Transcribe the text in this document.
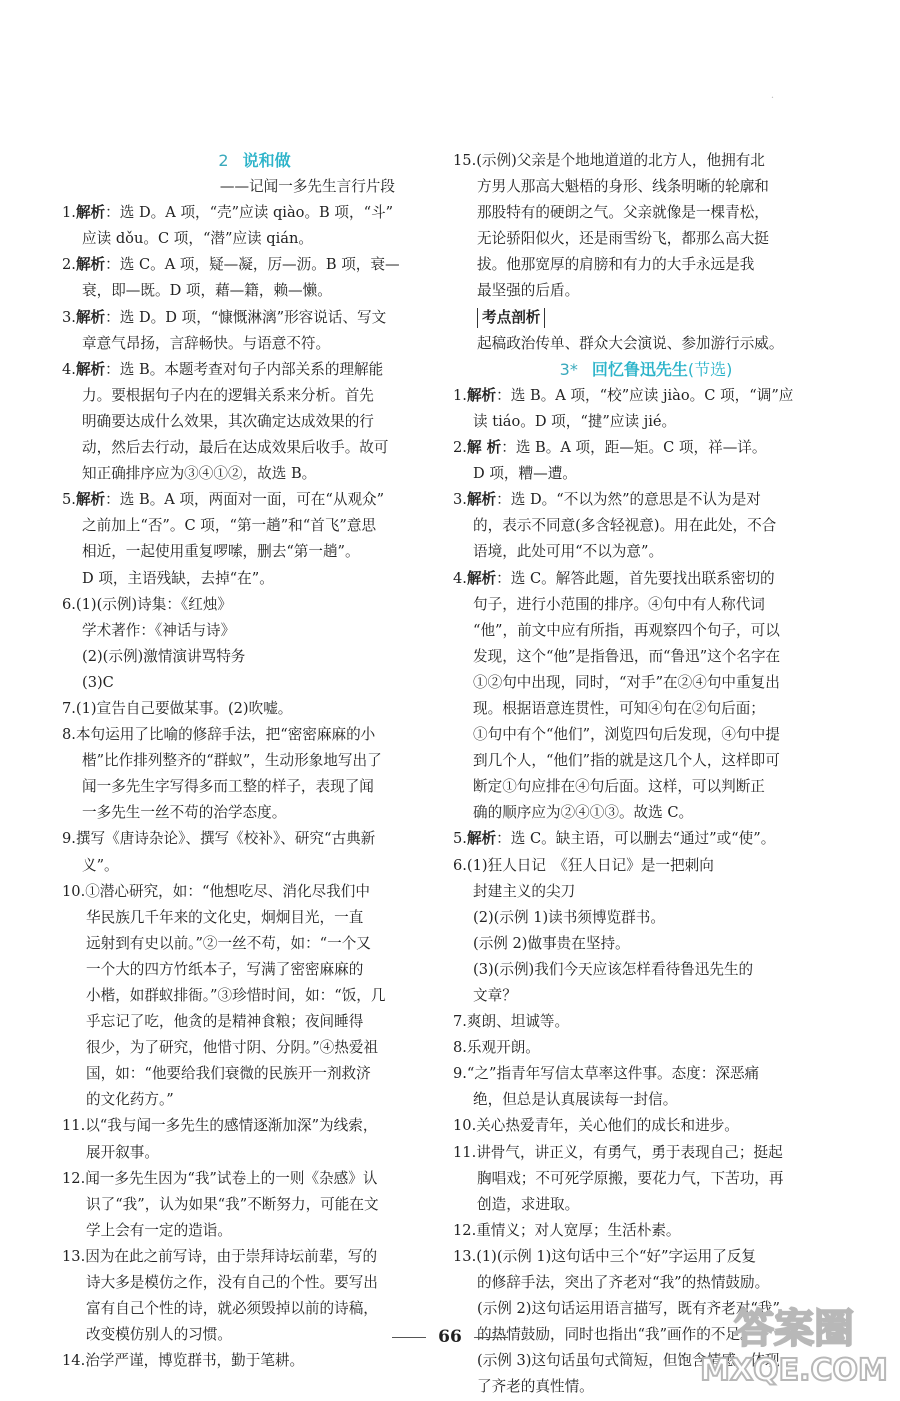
2 说和做
——记闻一多先生言行片段
1.解析：选 D。A 项，“壳”应读 qiào。B 项，“斗”
应读 dǒu。C 项，“潜”应读 qián。
2.解析：选 C。A 项，疑—凝，厉—沥。B 项，衰—
衰，即—既。D 项，藉—籍，赖—懒。
3.解析：选 D。D 项，“慷慨淋漓”形容说话、写文
章意气昂扬，言辞畅快。与语意不符。
4.解析：选 B。本题考查对句子内部关系的理解能
力。要根据句子内在的逻辑关系来分析。首先
明确要达成什么效果，其次确定达成效果的行
动，然后去行动，最后在达成效果后收手。故可
知正确排序应为③④①②，故选 B。
5.解析：选 B。A 项，两面对一面，可在“从观众”
之前加上“否”。C 项，“第一趟”和“首飞”意思
相近，一起使用重复啰嗦，删去“第一趟”。
D 项，主语残缺，去掉“在”。
6.(1)(示例)诗集：《红烛》
学术著作：《神话与诗》
(2)(示例)激情演讲骂特务
(3)C
7.(1)宣告自己要做某事。(2)吹嘘。
8.本句运用了比喻的修辞手法，把“密密麻麻的小
楷”比作排列整齐的“群蚁”，生动形象地写出了
闻一多先生字写得多而工整的样子，表现了闻
一多先生一丝不苟的治学态度。
9.撰写《唐诗杂论》、撰写《校补》、研究“古典新
义”。
10.①潜心研究，如：“他想吃尽、消化尽我们中
华民族几千年来的文化史，炯炯目光，一直
远射到有史以前。”②一丝不苟，如：“一个又
一个大的四方竹纸本子，写满了密密麻麻的
小楷，如群蚁排衙。”③珍惜时间，如：“饭，几
乎忘记了吃，他贪的是精神食粮；夜间睡得
很少，为了研究，他惜寸阴、分阴。”④热爱祖
国，如：“他要给我们衰微的民族开一剂救济
的文化药方。”
11.以“我与闻一多先生的感情逐渐加深”为线索，
展开叙事。
12.闻一多先生因为“我”试卷上的一则《杂感》认
识了“我”，认为如果“我”不断努力，可能在文
学上会有一定的造诣。
13.因为在此之前写诗，由于崇拜诗坛前辈，写的
诗大多是模仿之作，没有自己的个性。要写出
富有自己个性的诗，就必须毁掉以前的诗稿，
改变模仿别人的习惯。
14.治学严谨，博览群书，勤于笔耕。
15.(示例)父亲是个地地道道的北方人，他拥有北
方男人那高大魁梧的身形、线条明晰的轮廓和
那股特有的硬朗之气。父亲就像是一棵青松，
无论骄阳似火，还是雨雪纷飞，都那么高大挺
拔。他那宽厚的肩膀和有力的大手永远是我
最坚强的后盾。
考点剖析
起稿政治传单、群众大会演说、参加游行示威。
3* 回忆鲁迅先生(节选)
1.解析：选 B。A 项，“校”应读 jiào。C 项，“调”应
读 tiáo。D 项，“揵”应读 jié。
2.解 析：选 B。A 项，距—矩。C 项，祥—详。
D 项，糟—遭。
3.解析：选 D。“不以为然”的意思是不认为是对
的，表示不同意(多含轻视意)。用在此处，不合
语境，此处可用“不以为意”。
4.解析：选 C。解答此题，首先要找出联系密切的
句子，进行小范围的排序。④句中有人称代词
“他”，前文中应有所指，再观察四个句子，可以
发现，这个“他”是指鲁迅，而“鲁迅”这个名字在
①②句中出现，同时，“对手”在②④句中重复出
现。根据语意连贯性，可知④句在②句后面；
①句中有个“他们”，浏览四句后发现，④句中提
到几个人，“他们”指的就是这几个人，这样即可
断定①句应排在④句后面。这样，可以判断正
确的顺序应为②④①③。故选 C。
5.解析：选 C。缺主语，可以删去“通过”或“使”。
6.(1)狂人日记　《狂人日记》是一把刺向
封建主义的尖刀
(2)(示例 1)读书须博览群书。
(示例 2)做事贵在坚持。
(3)(示例)我们今天应该怎样看待鲁迅先生的
文章？
7.爽朗、坦诚等。
8.乐观开朗。
9.“之”指青年写信太草率这件事。态度：深恶痛
绝，但总是认真展读每一封信。
10.关心热爱青年，关心他们的成长和进步。
11.讲骨气，讲正义，有勇气，勇于表现自己；挺起
胸唱戏；不可死学原搬，要花力气，下苦功，再
创造，求进取。
12.重情义；对人宽厚；生活朴素。
13.(1)(示例 1)这句话中三个“好”字运用了反复
的修辞手法，突出了齐老对“我”的热情鼓励。
(示例 2)这句话运用语言描写，既有齐老对“我”
的热情鼓励，同时也指出“我”画作的不足。
(示例 3)这句话虽句式简短，但饱含情感，体现
了齐老的真性情。
66
.
答案圈
MXQE.COM
